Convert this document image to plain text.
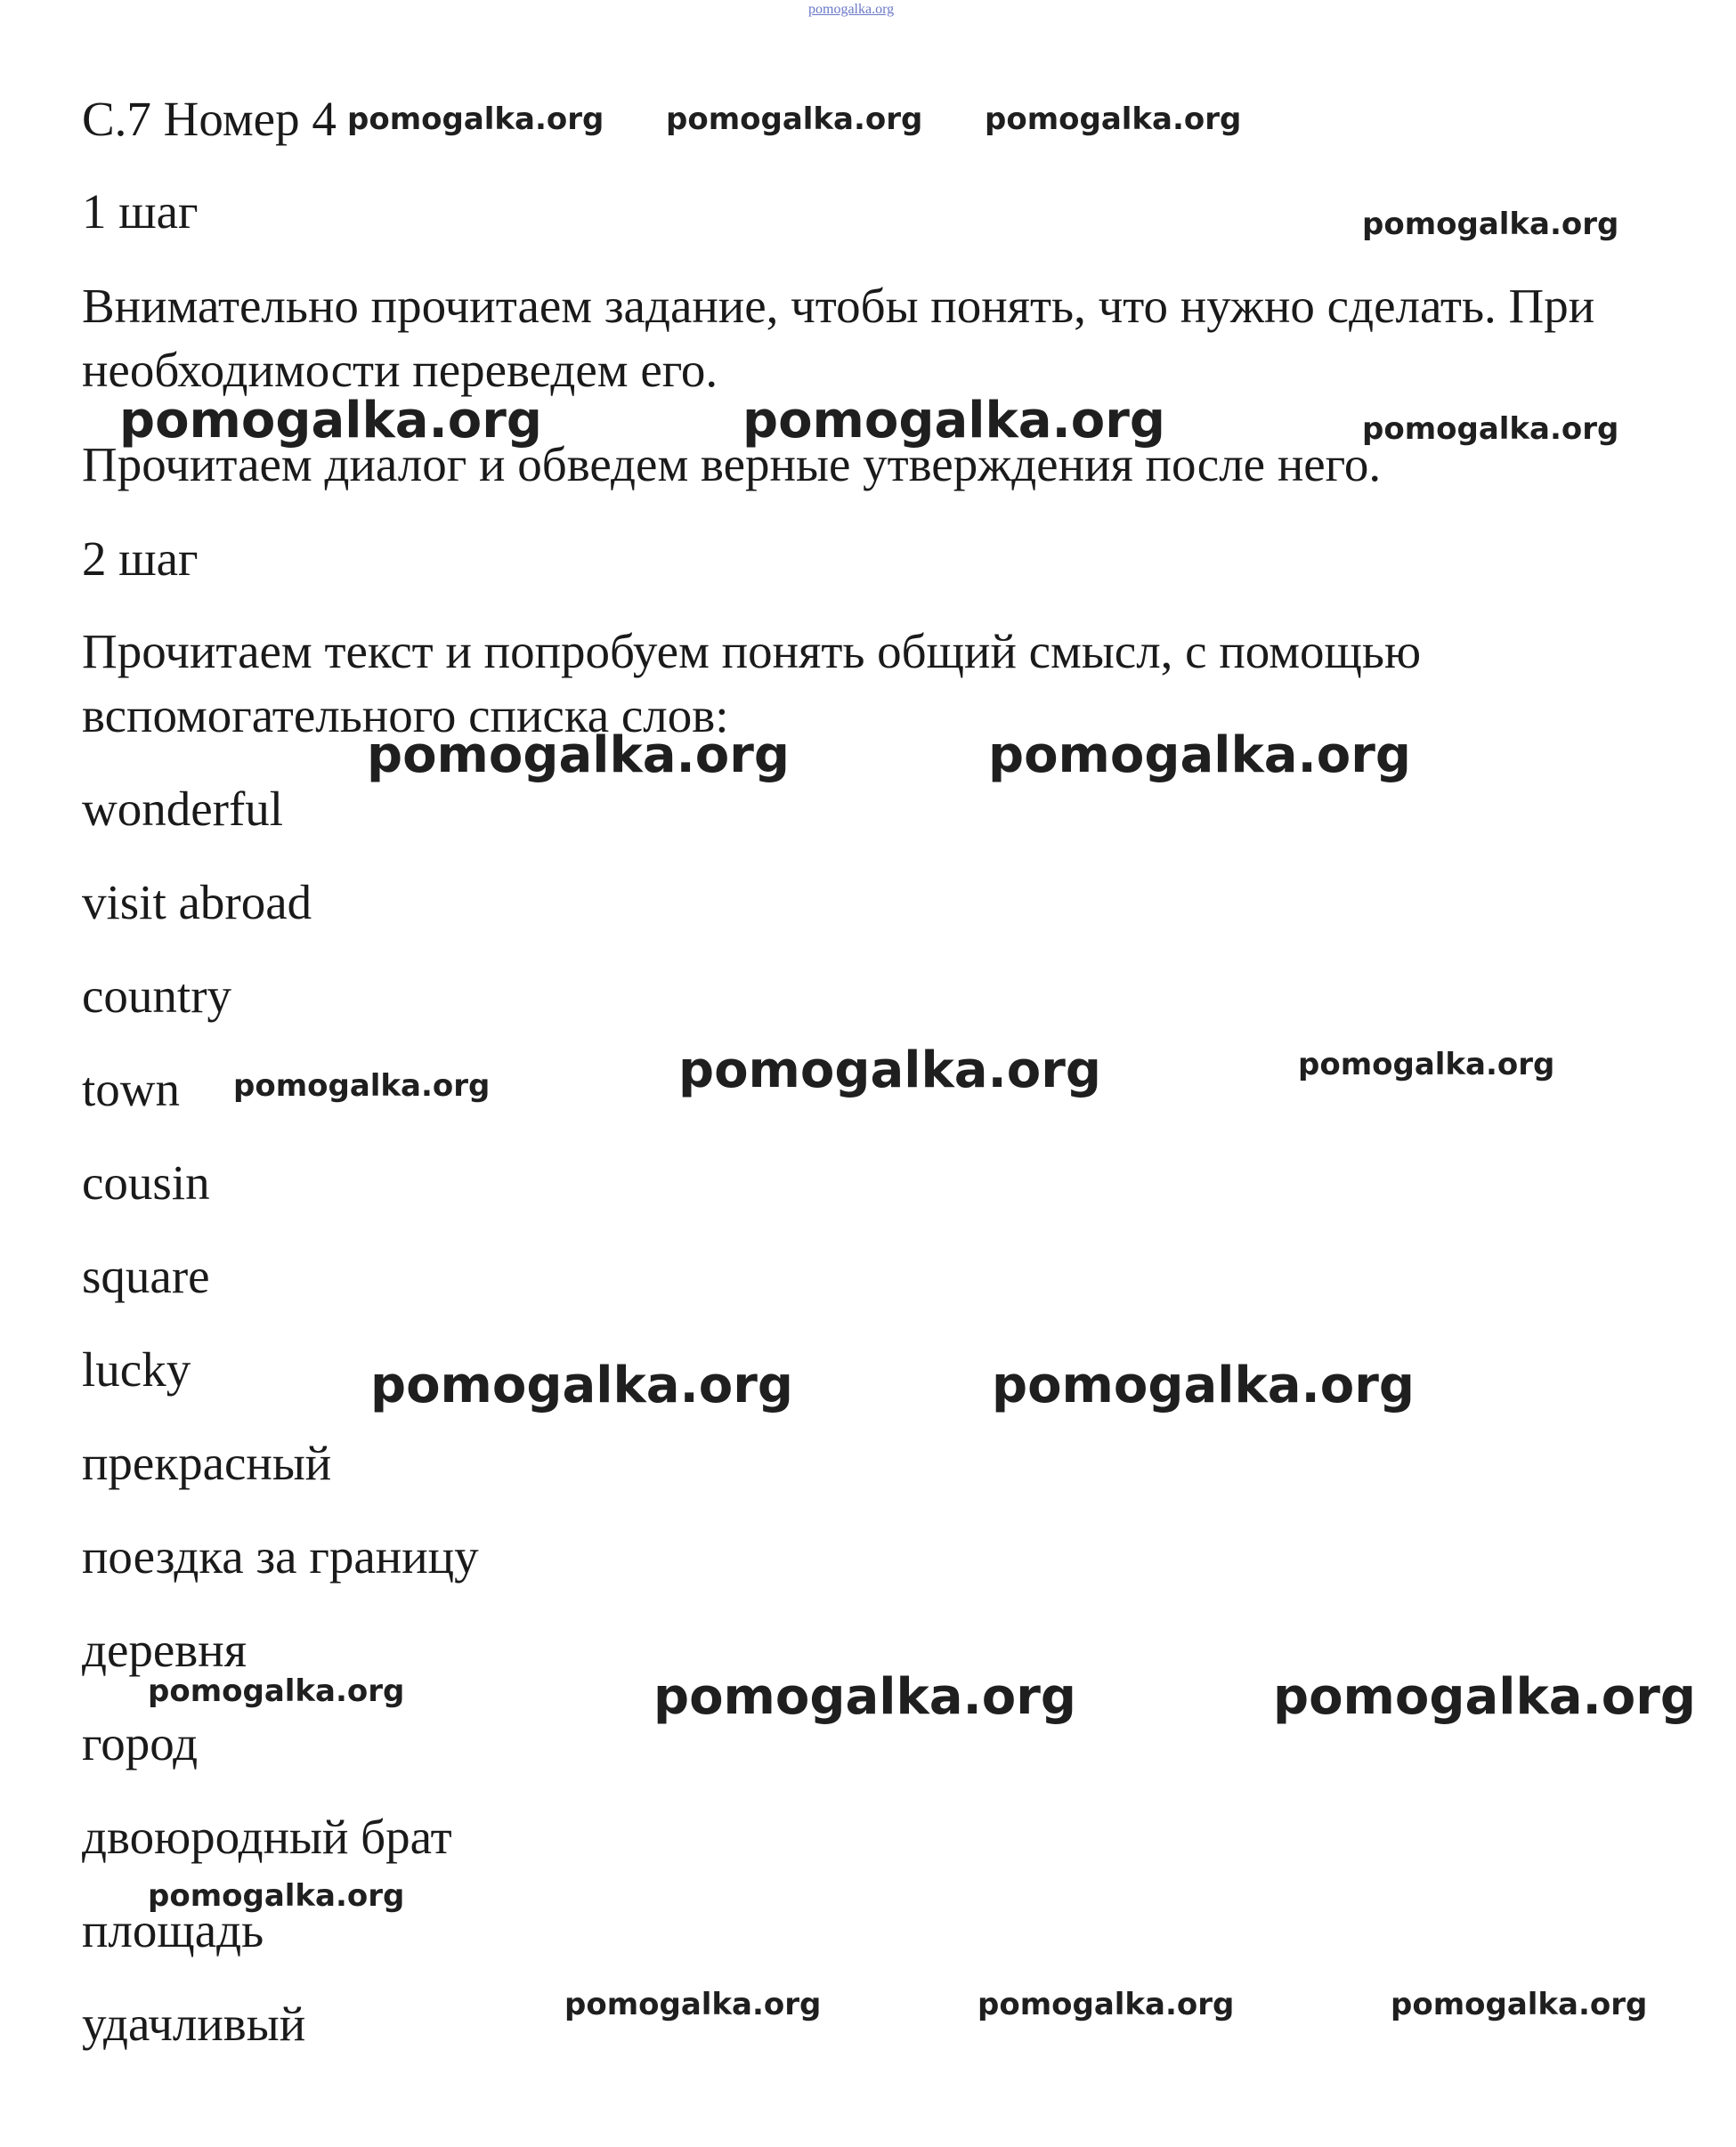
pomogalka.org
С.7 Номер 4
1 шаг
Внимательно прочитаем задание, чтобы понять, что нужно сделать. При
необходимости переведем его.
Прочитаем диалог и обведем верные утверждения после него.
2 шаг
Прочитаем текст и попробуем понять общий смысл, с помощью
вспомогательного списка слов:
wonderful
visit abroad
country
town
cousin
square
lucky
прекрасный
поездка за границу
деревня
город
двоюродный брат
площадь
удачливый
pomogalka.org pomogalka.org pomogalka.org
pomogalka.org
pomogalka.org	pomogalka.org	pomogalka.org
pomogalka.org	pomogalka.org
pomogalka.org	pomogalka.org	pomogalka.org
pomogalka.org	pomogalka.org
pomogalka.org	pomogalka.org	pomogalka.org
pomogalka.org
pomogalka.org	pomogalka.org	pomogalka.org
